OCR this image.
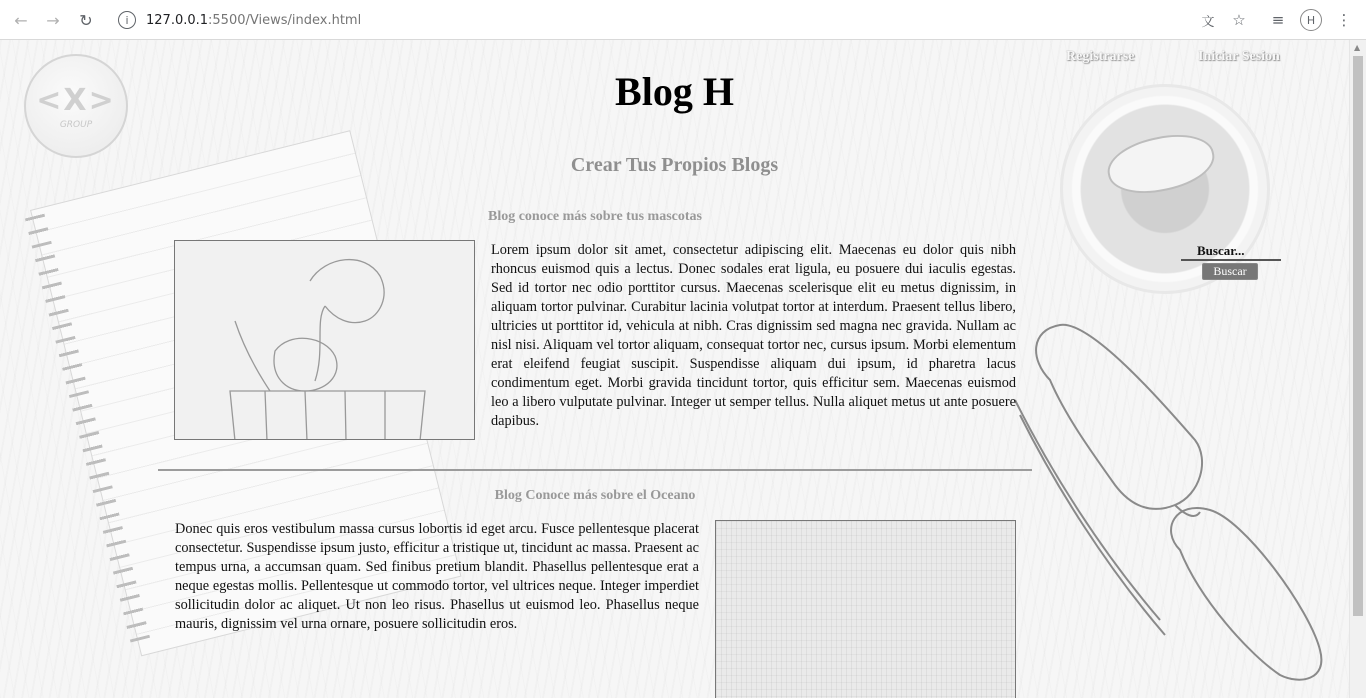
←	→	↻	i	127.0.0.1:5500/Views/index.html	文	☆	≡	H	⋮
<X>
GROUP
Registrarse	Iniciar Sesion
Buscar...
Buscar
Blog H
Crear Tus Propios Blogs
Blog conoce más sobre tus mascotas

Lorem ipsum dolor sit amet, consectetur adipiscing elit. Maecenas eu dolor quis nibh rhoncus euismod quis a lectus. Donec sodales erat ligula, eu posuere dui iaculis egestas. Sed id tortor nec odio porttitor cursus. Maecenas scelerisque elit eu metus dignissim, in aliquam tortor pulvinar. Curabitur lacinia volutpat tortor at interdum. Praesent tellus libero, ultricies ut porttitor id, vehicula at nibh. Cras dignissim sed magna nec gravida. Nullam ac nisl nisi. Aliquam vel tortor aliquam, consequat tortor nec, cursus ipsum. Morbi elementum erat eleifend feugiat suscipit. Suspendisse aliquam dui ipsum, id pharetra lacus condimentum eget. Morbi gravida tincidunt tortor, quis efficitur sem. Maecenas euismod leo a libero vulputate pulvinar. Integer ut semper tellus. Nulla aliquet metus ut ante posuere dapibus.

Blog Conoce más sobre el Oceano

Donec quis eros vestibulum massa cursus lobortis id eget arcu. Fusce pellentesque placerat consectetur. Suspendisse ipsum justo, efficitur a tristique ut, tincidunt ac massa. Praesent ac tempus urna, a accumsan quam. Sed finibus pretium blandit. Phasellus pellentesque erat a neque egestas mollis. Pellentesque ut commodo tortor, vel ultrices neque. Integer imperdiet sollicitudin dolor ac aliquet. Ut non leo risus. Phasellus ut euismod leo. Phasellus neque mauris, dignissim vel urna ornare, posuere sollicitudin eros.

▲
